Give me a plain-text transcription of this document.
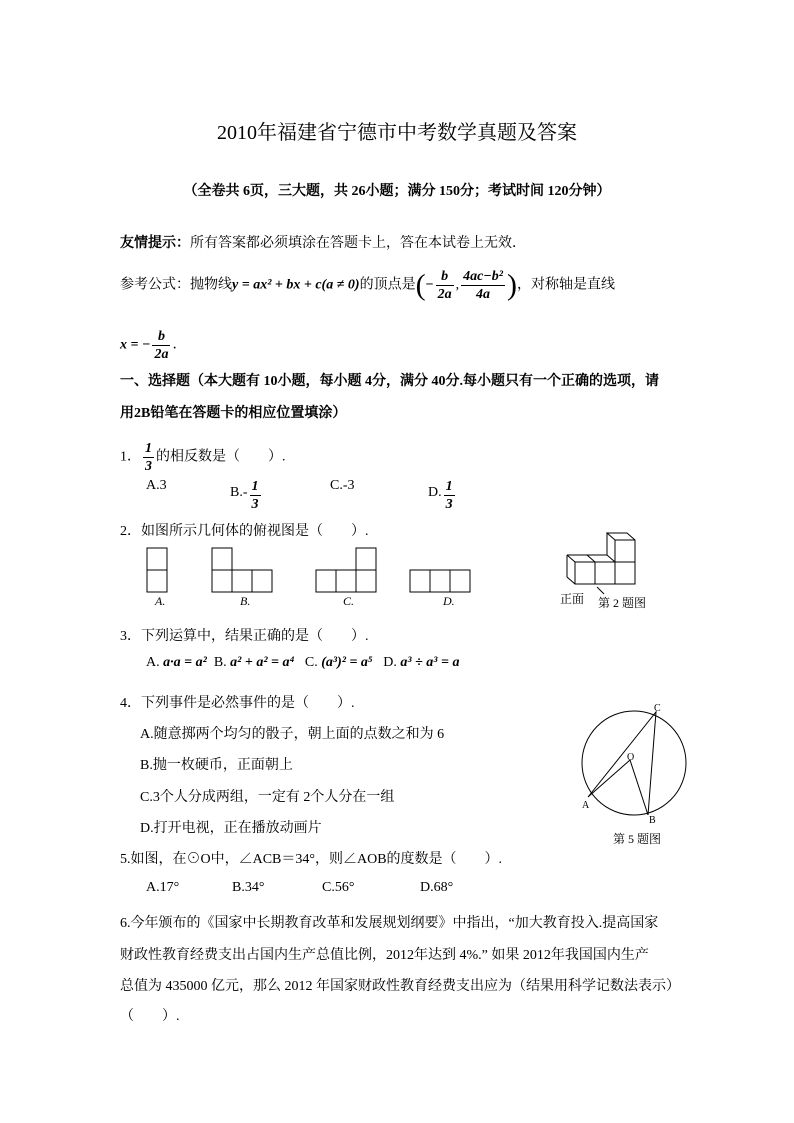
2010年福建省宁德市中考数学真题及答案
（全卷共 6页，三大题，共 26小题；满分 150分；考试时间 120分钟）
友情提示：所有答案都必须填涂在答题卡上，答在本试卷上无效．
参考公式：抛物线y = ax² + bx + c(a ≠ 0)的顶点是(− $\frac{b}{2a}$ , $\frac{\text{4ac−b²}}{4a}$ )，对称轴是直线
x = − $\frac{b}{2a}$ ．
一、选择题（本大题有 10小题，每小题 4分，满分 40分.每小题只有一个正确的选项，请
用2B铅笔在答题卡的相应位置填涂）
1． $\frac{1}{3}$ 的相反数是（　　）.
A.3	$B.- \frac{1}{3}$	C.-3	D. $\frac{1}{3}$
2．如图所示几何体的俯视图是（　　）.
A.	B.	C.	D.	正面 第 2 题图
3．下列运算中，结果正确的是（　　）.
A. a·a = a² B. a² + a² = a⁴ C. (a³)² = a⁵ D. a³ ÷ a³ = a
4．下列事件是必然事件的是（　　）.
A.随意掷两个均匀的骰子，朝上面的点数之和为 6
B.抛一枚硬币，正面朝上
C.3个人分成两组，一定有 2个人分在一组
D.打开电视，正在播放动画片
A
B
C
O
第 5 题图
5.如图，在⊙O中，∠ACB＝34°，则∠AOB的度数是（　　）.
A.17°	B.34°	C.56°	D.68°
6.今年颁布的《国家中长期教育改革和发展规划纲要》中指出，“加大教育投入.提高国家
财政性教育经费支出占国内生产总值比例，2012年达到 4%.” 如果 2012年我国国内生产
总值为 435000 亿元，那么 2012 年国家财政性教育经费支出应为（结果用科学记数法表示）
（　　）.
